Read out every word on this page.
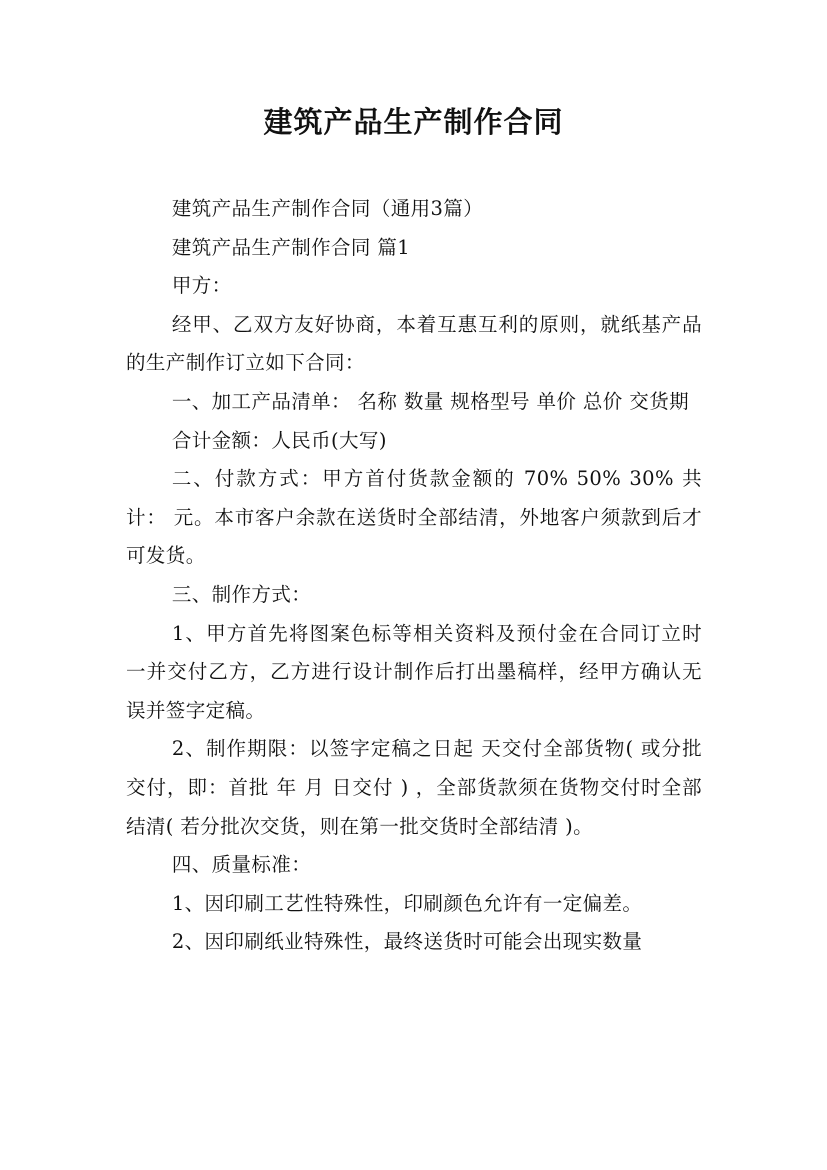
建筑产品生产制作合同

建筑产品生产制作合同（通用3篇）

建筑产品生产制作合同 篇1

甲方：

经甲、乙双方友好协商，本着互惠互利的原则，就纸基产品的生产制作订立如下合同：

一、加工产品清单： 名称 数量 规格型号 单价 总价 交货期

合计金额：人民币(大写)

二、付款方式：甲方首付货款金额的 70% 50% 30% 共计： 元。本市客户余款在送货时全部结清，外地客户须款到后才可发货。

三、制作方式：

1、甲方首先将图案色标等相关资料及预付金在合同订立时一并交付乙方，乙方进行设计制作后打出墨稿样，经甲方确认无误并签字定稿。

2、制作期限：以签字定稿之日起 天交付全部货物( 或分批交付，即：首批 年 月 日交付 ) ，全部货款须在货物交付时全部结清( 若分批次交货，则在第一批交货时全部结清 )。

四、质量标准：

1、因印刷工艺性特殊性，印刷颜色允许有一定偏差。

2、因印刷纸业特殊性，最终送货时可能会出现实数量
